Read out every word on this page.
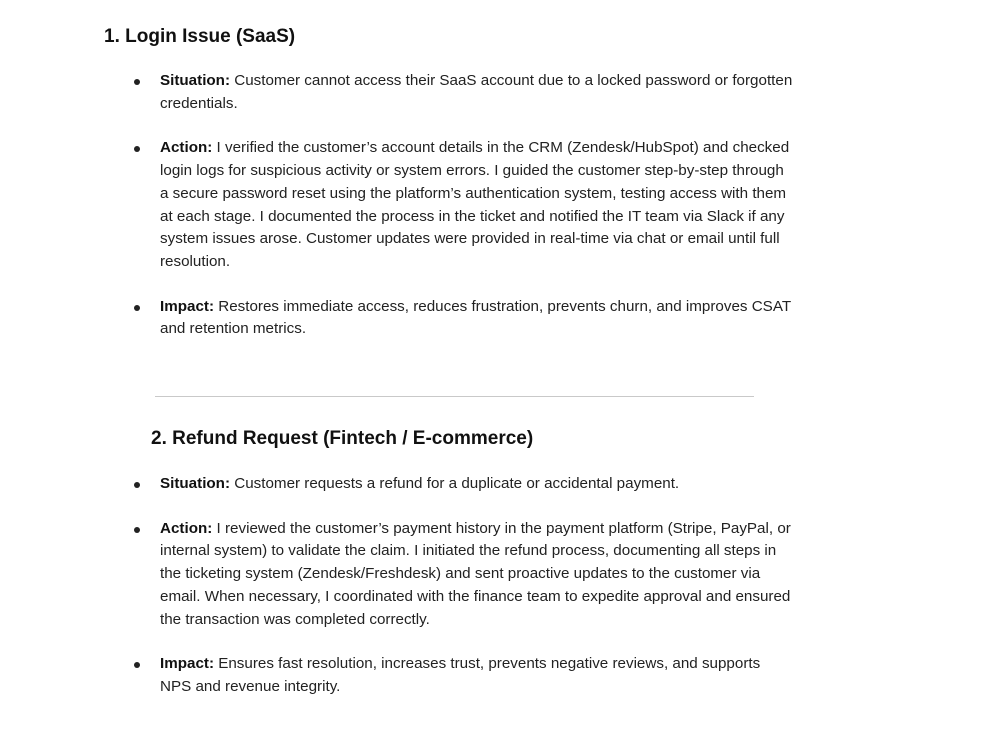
1. Login Issue (SaaS)
Situation: Customer cannot access their SaaS account due to a locked password or forgotten credentials.
Action: I verified the customer’s account details in the CRM (Zendesk/HubSpot) and checked login logs for suspicious activity or system errors. I guided the customer step-by-step through a secure password reset using the platform’s authentication system, testing access with them at each stage. I documented the process in the ticket and notified the IT team via Slack if any system issues arose. Customer updates were provided in real-time via chat or email until full resolution.
Impact: Restores immediate access, reduces frustration, prevents churn, and improves CSAT and retention metrics.
2. Refund Request (Fintech / E-commerce)
Situation: Customer requests a refund for a duplicate or accidental payment.
Action: I reviewed the customer’s payment history in the payment platform (Stripe, PayPal, or internal system) to validate the claim. I initiated the refund process, documenting all steps in the ticketing system (Zendesk/Freshdesk) and sent proactive updates to the customer via email. When necessary, I coordinated with the finance team to expedite approval and ensured the transaction was completed correctly.
Impact: Ensures fast resolution, increases trust, prevents negative reviews, and supports NPS and revenue integrity.
